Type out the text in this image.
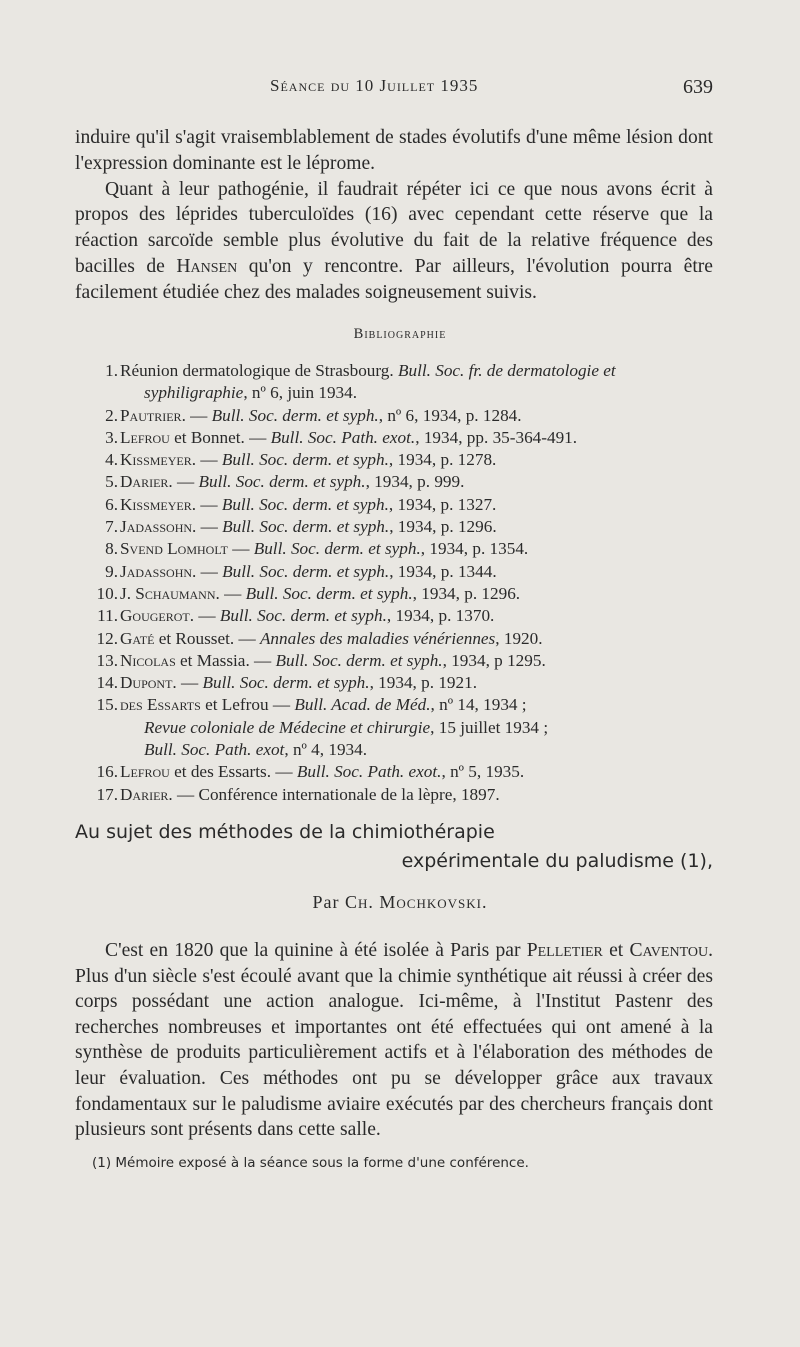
Séance du 10 Juillet 1935	639

induire qu'il s'agit vraisemblablement de stades évolutifs d'une même lésion dont l'expression dominante est le léprome.

Quant à leur pathogénie, il faudrait répéter ici ce que nous avons écrit à propos des léprides tuberculoïdes (16) avec cependant cette réserve que la réaction sarcoïde semble plus évolutive du fait de la relative fréquence des bacilles de Hansen qu'on y rencontre. Par ailleurs, l'évolution pourra être facilement étudiée chez des malades soigneusement suivis.

Bibliographie
1. Réunion dermatologique de Strasbourg. Bull. Soc. fr. de dermatologie et syphiligraphie, nº 6, juin 1934.
2. Pautrier. — Bull. Soc. derm. et syph., nº 6, 1934, p. 1284.
3. Lefrou et Bonnet. — Bull. Soc. Path. exot., 1934, pp. 35-364-491.
4. Kissmeyer. — Bull. Soc. derm. et syph., 1934, p. 1278.
5. Darier. — Bull. Soc. derm. et syph., 1934, p. 999.
6. Kissmeyer. — Bull. Soc. derm. et syph., 1934, p. 1327.
7. Jadassohn. — Bull. Soc. derm. et syph., 1934, p. 1296.
8. Svend Lomholt — Bull. Soc. derm. et syph., 1934, p. 1354.
9. Jadassohn. — Bull. Soc. derm. et syph., 1934, p. 1344.
10. J. Schaumann. — Bull. Soc. derm. et syph., 1934, p. 1296.
11. Gougerot. — Bull. Soc. derm. et syph., 1934, p. 1370.
12. Gaté et Rousset. — Annales des maladies vénériennes, 1920.
13. Nicolas et Massia. — Bull. Soc. derm. et syph., 1934, p 1295.
14. Dupont. — Bull. Soc. derm. et syph., 1934, p. 1921.
15. des Essarts et Lefrou — Bull. Acad. de Méd., nº 14, 1934 ;
Revue coloniale de Médecine et chirurgie, 15 juillet 1934 ;
Bull. Soc. Path. exot, nº 4, 1934.
16. Lefrou et des Essarts. — Bull. Soc. Path. exot., nº 5, 1935.
17. Darier. — Conférence internationale de la lèpre, 1897.
Au sujet des méthodes de la chimiothérapie
expérimentale du paludisme (1),
Par Ch. Mochkovski.

C'est en 1820 que la quinine à été isolée à Paris par Pelletier et Caventou. Plus d'un siècle s'est écoulé avant que la chimie synthétique ait réussi à créer des corps possédant une action analogue. Ici-même, à l'Institut Pastenr des recherches nombreuses et importantes ont été effectuées qui ont amené à la synthèse de produits particulièrement actifs et à l'élaboration des méthodes de leur évaluation. Ces méthodes ont pu se développer grâce aux travaux fondamentaux sur le paludisme aviaire exécutés par des chercheurs français dont plusieurs sont présents dans cette salle.

(1) Mémoire exposé à la séance sous la forme d'une conférence.
